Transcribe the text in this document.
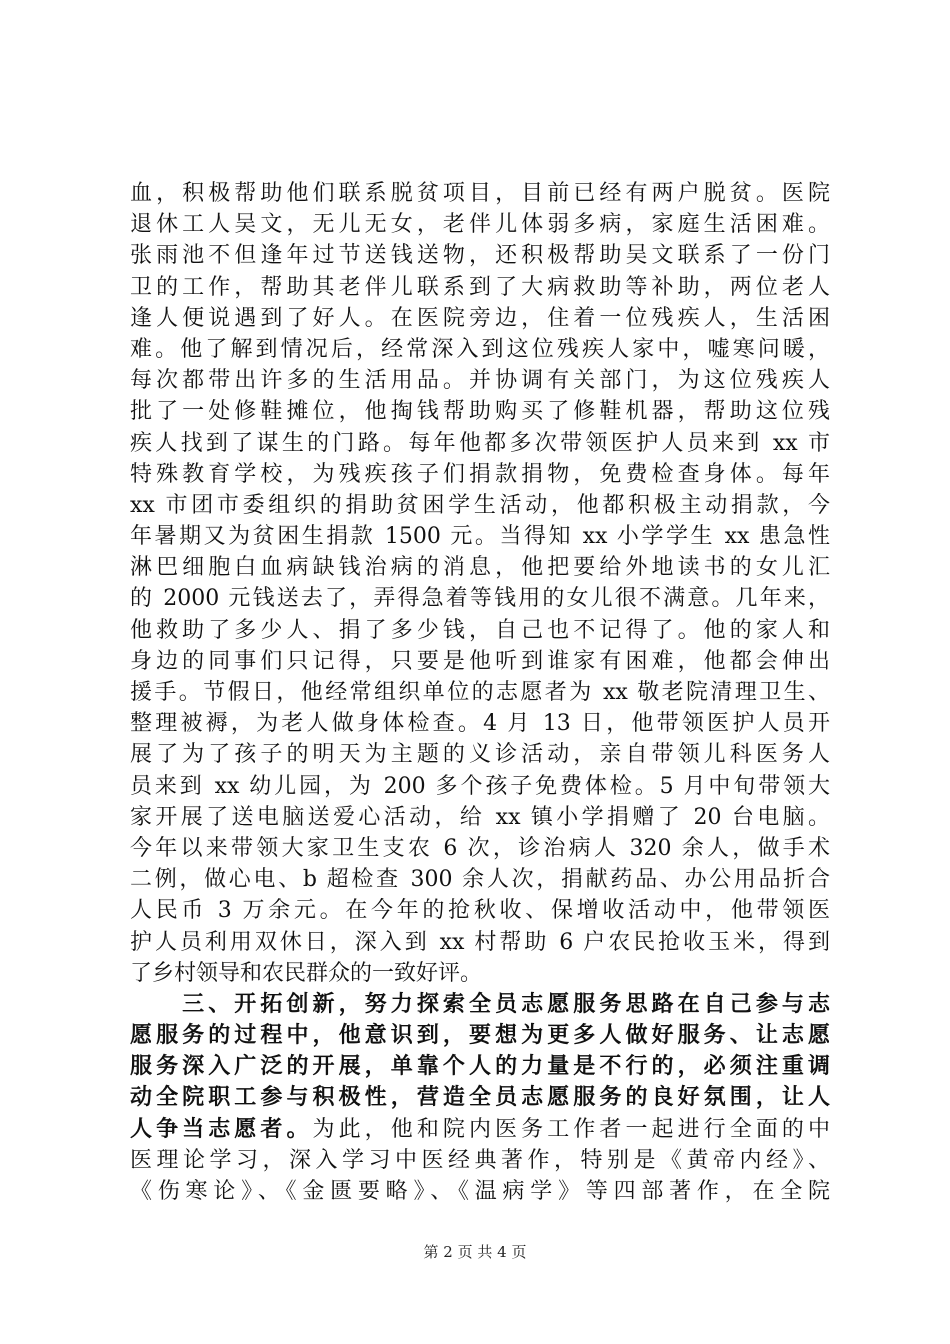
血，积极帮助他们联系脱贫项目，目前已经有两户脱贫。医院
退休工人吴文，无儿无女，老伴儿体弱多病，家庭生活困难。
张雨池不但逢年过节送钱送物，还积极帮助吴文联系了一份门
卫的工作，帮助其老伴儿联系到了大病救助等补助，两位老人
逢人便说遇到了好人。在医院旁边，住着一位残疾人，生活困
难。他了解到情况后，经常深入到这位残疾人家中，嘘寒问暖，
每次都带出许多的生活用品。并协调有关部门，为这位残疾人
批了一处修鞋摊位，他掏钱帮助购买了修鞋机器，帮助这位残
疾人找到了谋生的门路。每年他都多次带领医护人员来到 xx 市
特殊教育学校，为残疾孩子们捐款捐物，免费检查身体。每年
xx 市团市委组织的捐助贫困学生活动，他都积极主动捐款，今
年暑期又为贫困生捐款 1500 元。当得知 xx 小学学生 xx 患急性
淋巴细胞白血病缺钱治病的消息，他把要给外地读书的女儿汇
的 2000 元钱送去了，弄得急着等钱用的女儿很不满意。几年来，
他救助了多少人、捐了多少钱，自己也不记得了。他的家人和
身边的同事们只记得，只要是他听到谁家有困难，他都会伸出
援手。节假日，他经常组织单位的志愿者为 xx 敬老院清理卫生、
整理被褥，为老人做身体检查。4 月 13 日，他带领医护人员开
展了为了孩子的明天为主题的义诊活动，亲自带领儿科医务人
员来到 xx 幼儿园，为 200 多个孩子免费体检。5 月中旬带领大
家开展了送电脑送爱心活动，给 xx 镇小学捐赠了 20 台电脑。
今年以来带领大家卫生支农 6 次，诊治病人 320 余人，做手术
二例，做心电、b 超检查 300 余人次，捐献药品、办公用品折合
人民币 3 万余元。在今年的抢秋收、保增收活动中，他带领医
护人员利用双休日，深入到 xx 村帮助 6 户农民抢收玉米，得到
了乡村领导和农民群众的一致好评。
　　三、开拓创新，努力探索全员志愿服务思路在自己参与志
愿服务的过程中，他意识到，要想为更多人做好服务、让志愿
服务深入广泛的开展，单靠个人的力量是不行的，必须注重调
动全院职工参与积极性，营造全员志愿服务的良好氛围，让人
人争当志愿者。为此，他和院内医务工作者一起进行全面的中
医理论学习，深入学习中医经典著作，特别是《黄帝内经》、
《伤寒论》、《金匮要略》、《温病学》等四部著作，在全院
第 2 页 共 4 页
